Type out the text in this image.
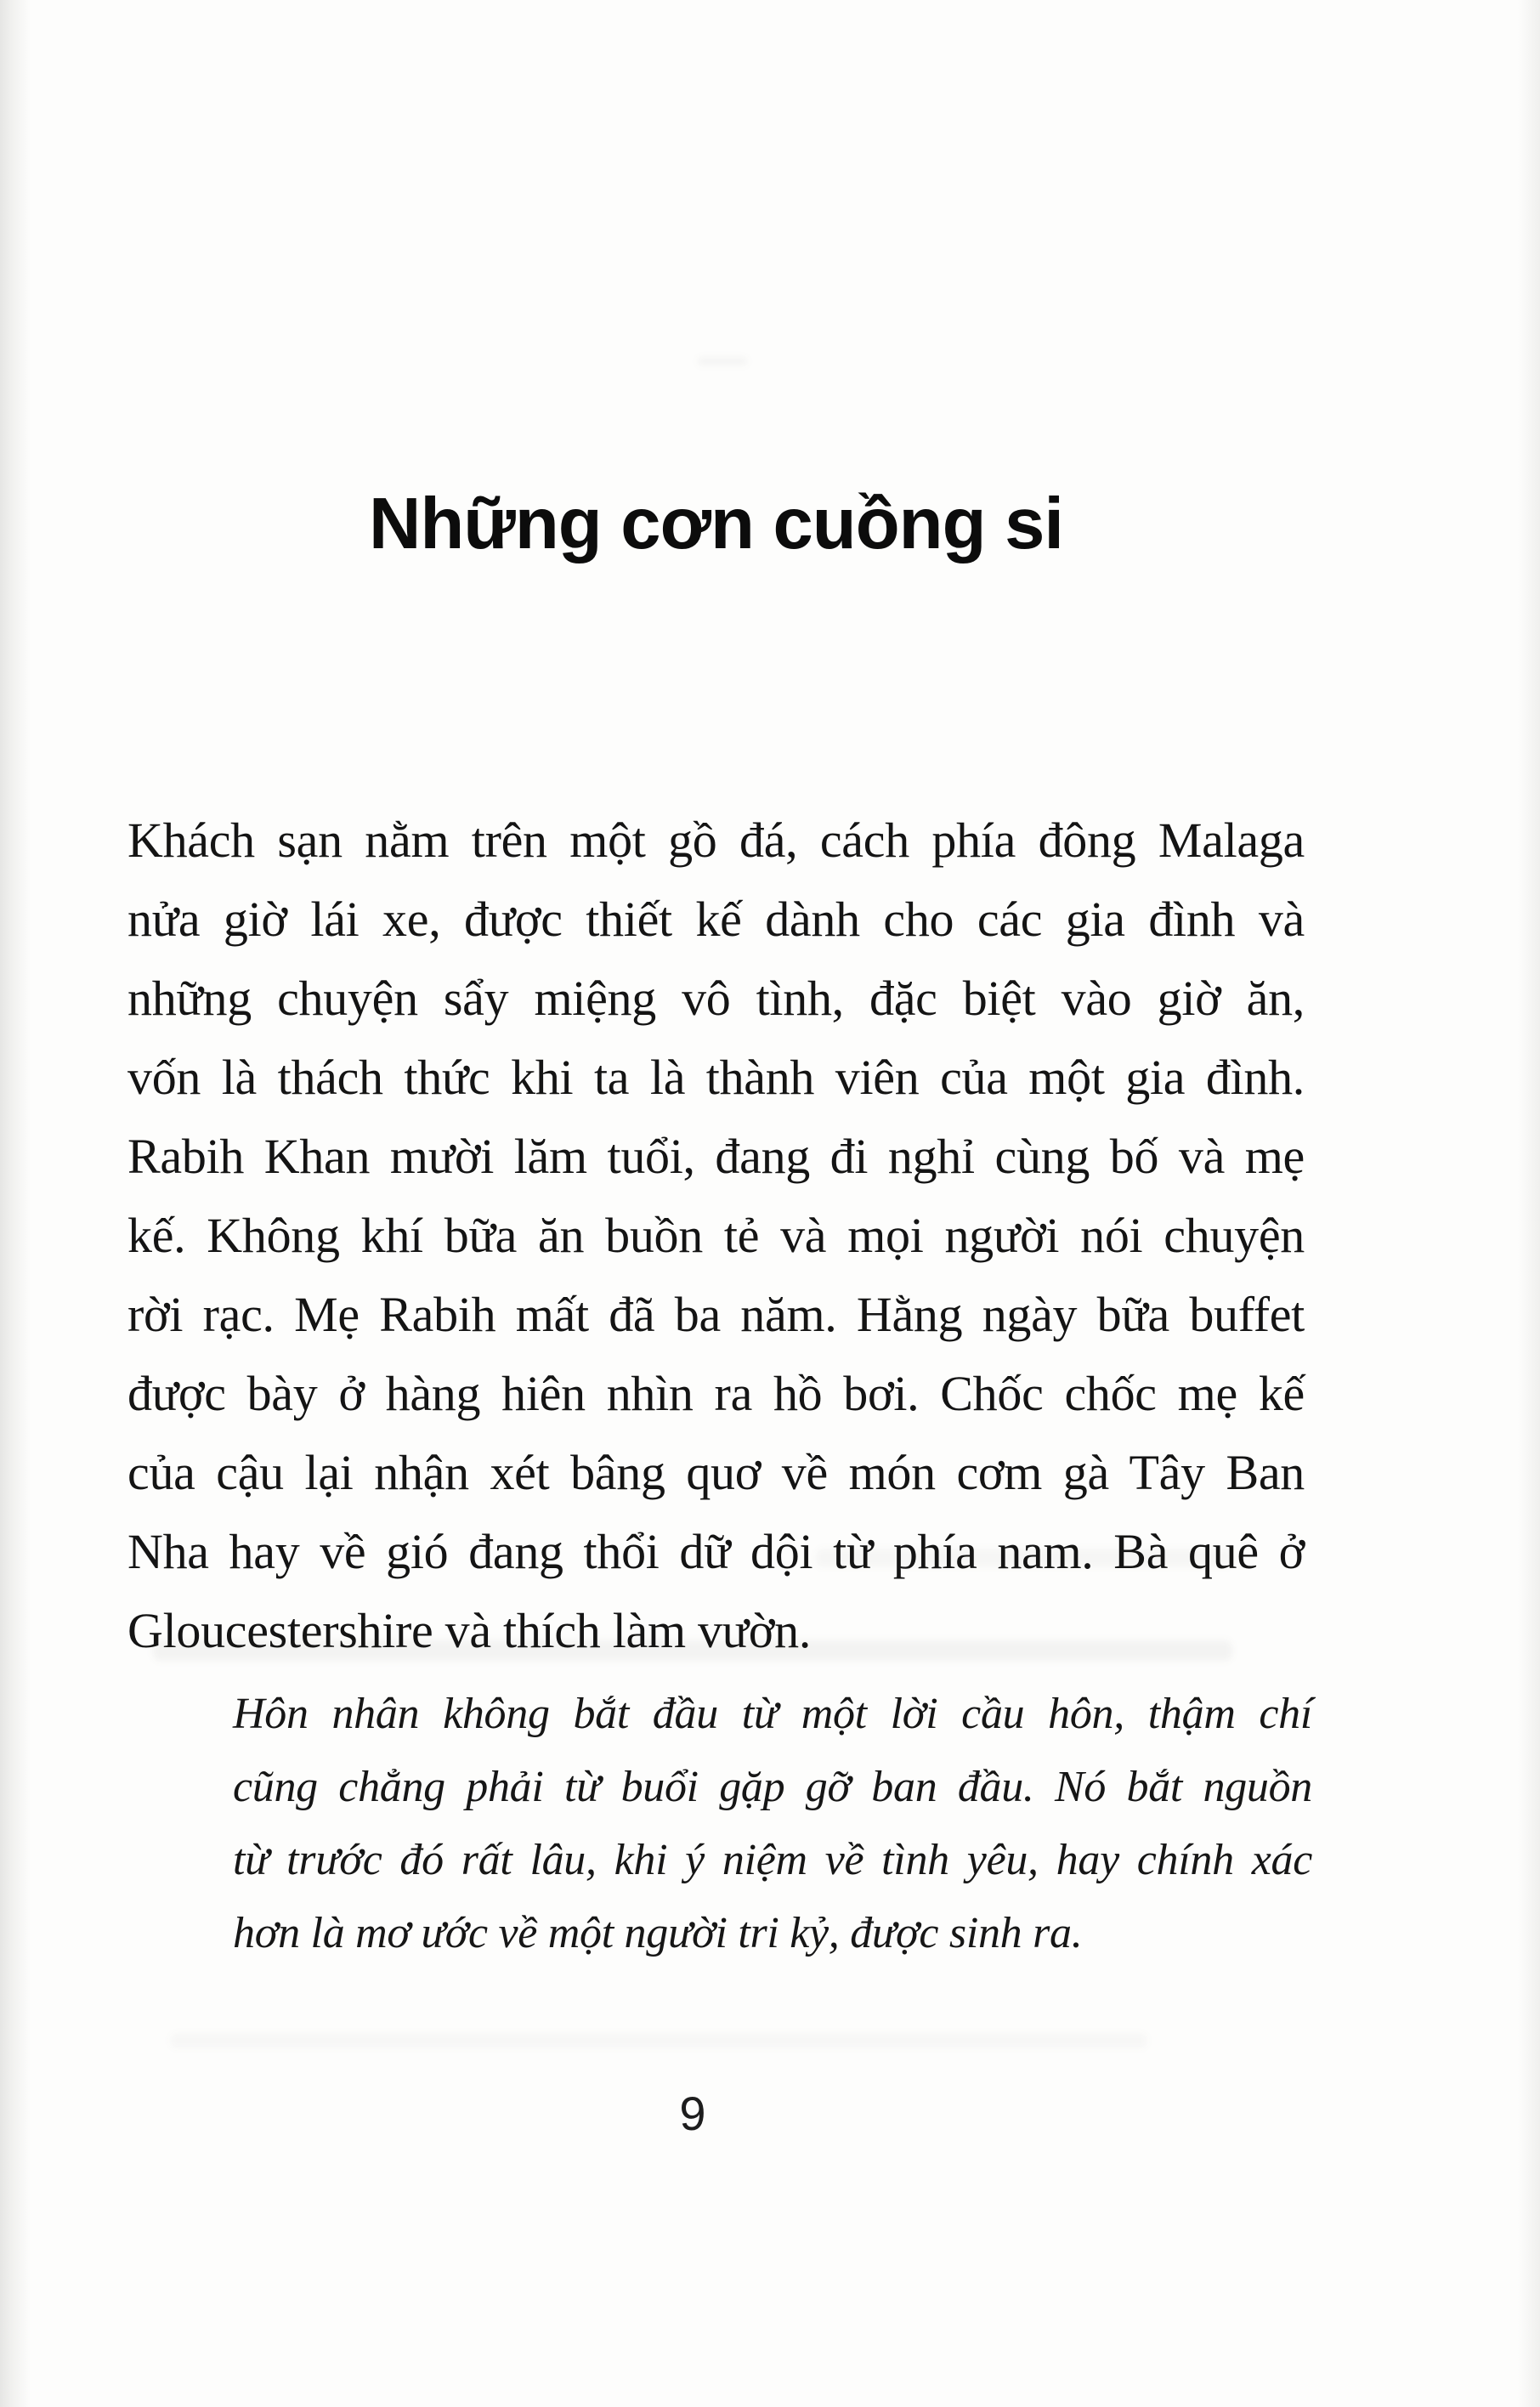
Những cơn cuồng si
Khách sạn nằm trên một gồ đá, cách phía đông Malaga
nửa giờ lái xe, được thiết kế dành cho các gia đình và
những chuyện sẩy miệng vô tình, đặc biệt vào giờ ăn,
vốn là thách thức khi ta là thành viên của một gia đình.
Rabih Khan mười lăm tuổi, đang đi nghỉ cùng bố và mẹ
kế. Không khí bữa ăn buồn tẻ và mọi người nói chuyện
rời rạc. Mẹ Rabih mất đã ba năm. Hằng ngày bữa buffet
được bày ở hàng hiên nhìn ra hồ bơi. Chốc chốc mẹ kế
của cậu lại nhận xét bâng quơ về món cơm gà Tây Ban
Nha hay về gió đang thổi dữ dội từ phía nam. Bà quê ở
Gloucestershire và thích làm vườn.
Hôn nhân không bắt đầu từ một lời cầu hôn, thậm chí
cũng chẳng phải từ buổi gặp gỡ ban đầu. Nó bắt nguồn
từ trước đó rất lâu, khi ý niệm về tình yêu, hay chính xác
hơn là mơ ước về một người tri kỷ, được sinh ra.
9
